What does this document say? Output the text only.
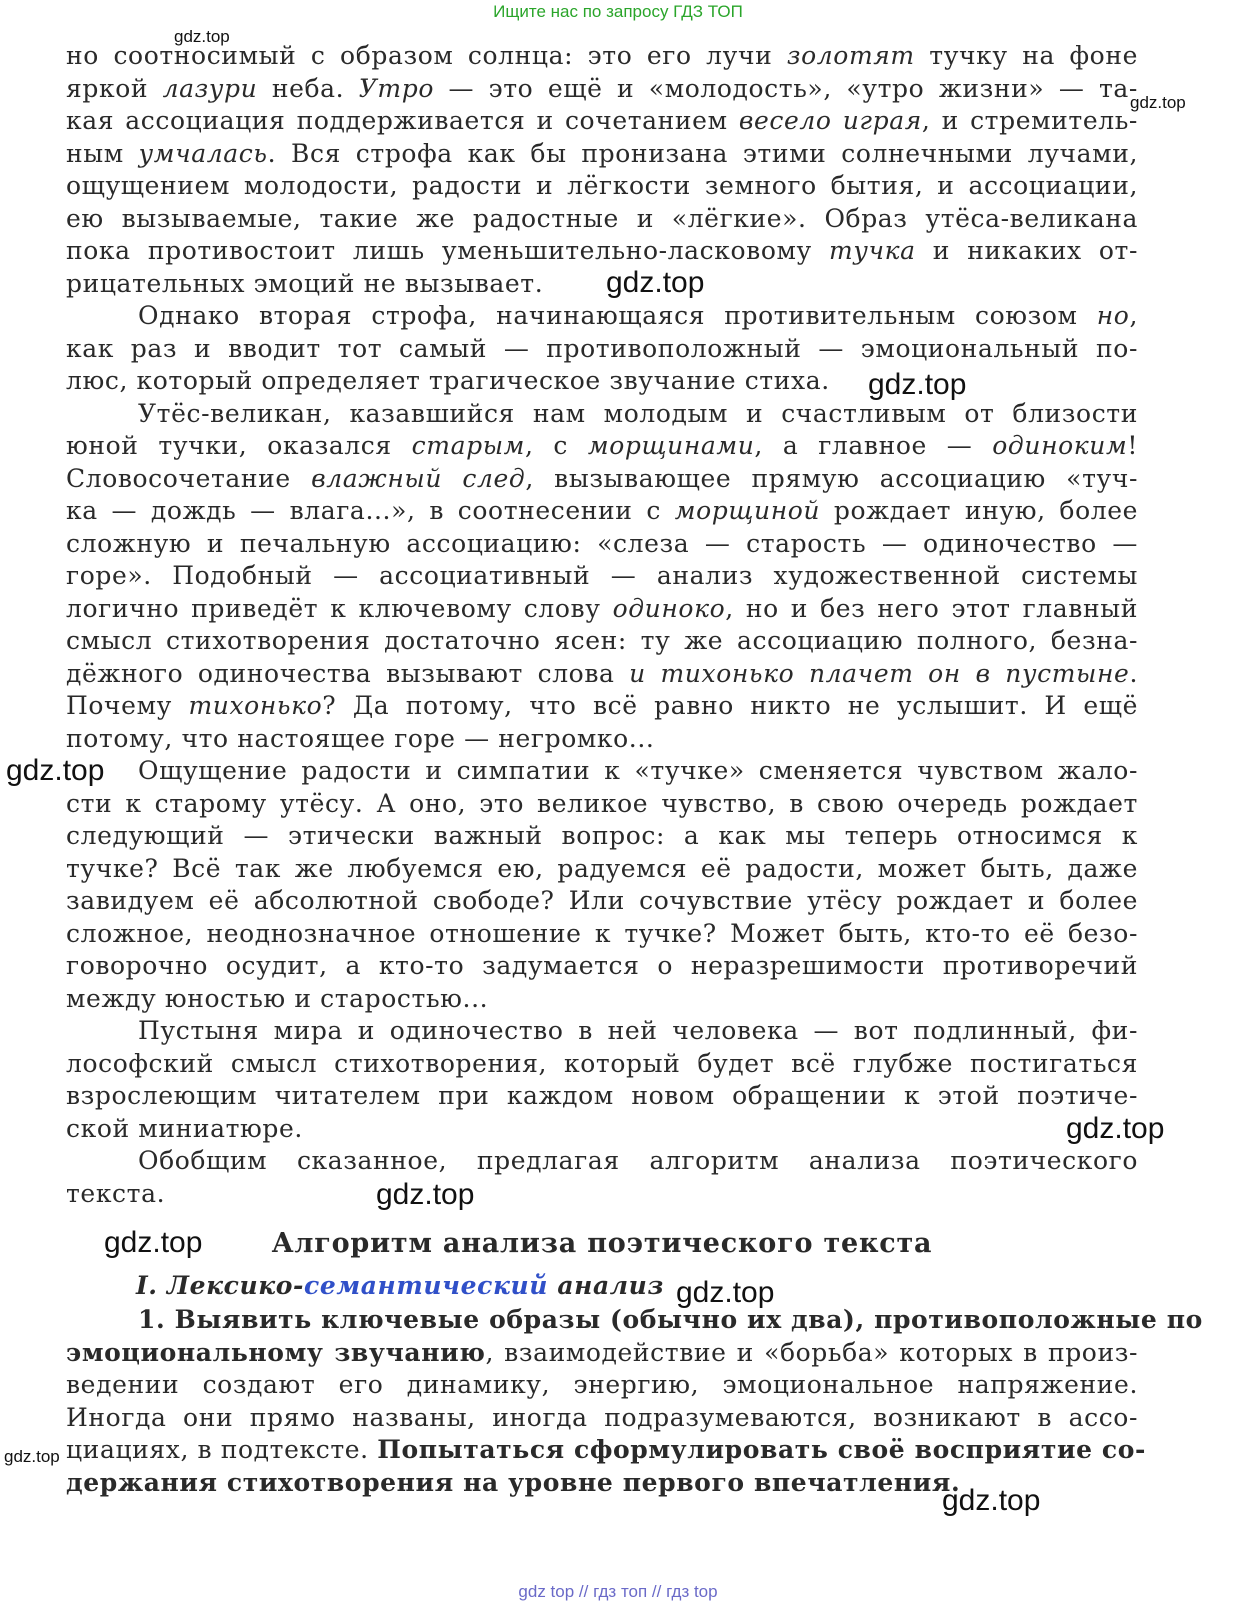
Ищите нас по запросу ГДЗ ТОП
но соотносимый с образом солнца: это его лучи золотят тучку на фоне
яркой лазури неба. Утро — это ещё и «молодость», «утро жизни» — та-
кая ассоциация поддерживается и сочетанием весело играя, и стремитель-
ным умчалась. Вся строфа как бы пронизана этими солнечными лучами,
ощущением молодости, радости и лёгкости земного бытия, и ассоциации,
ею вызываемые, такие же радостные и «лёгкие». Образ утёса-великана
пока противостоит лишь уменьшительно-ласковому тучка и никаких от-
рицательных эмоций не вызывает.
Однако вторая строфа, начинающаяся противительным союзом но,
как раз и вводит тот самый — противоположный — эмоциональный по-
люс, который определяет трагическое звучание стиха.
Утёс-великан, казавшийся нам молодым и счастливым от близости
юной тучки, оказался старым, с морщинами, а главное — одиноким!
Словосочетание влажный след, вызывающее прямую ассоциацию «туч-
ка — дождь — влага...», в соотнесении с морщиной рождает иную, более
сложную и печальную ассоциацию: «слеза — старость — одиночество —
горе». Подобный — ассоциативный — анализ художественной системы
логично приведёт к ключевому слову одиноко, но и без него этот главный
смысл стихотворения достаточно ясен: ту же ассоциацию полного, безна-
дёжного одиночества вызывают слова и тихонько плачет он в пустыне.
Почему тихонько? Да потому, что всё равно никто не услышит. И ещё
потому, что настоящее горе — негромко...
Ощущение радости и симпатии к «тучке» сменяется чувством жало-
сти к старому утёсу. А оно, это великое чувство, в свою очередь рождает
следующий — этически важный вопрос: а как мы теперь относимся к
тучке? Всё так же любуемся ею, радуемся её радости, может быть, даже
завидуем её абсолютной свободе? Или сочувствие утёсу рождает и более
сложное, неоднозначное отношение к тучке? Может быть, кто-то её безо-
говорочно осудит, а кто-то задумается о неразрешимости противоречий
между юностью и старостью...
Пустыня мира и одиночество в ней человека — вот подлинный, фи-
лософский смысл стихотворения, который будет всё глубже постигаться
взрослеющим читателем при каждом новом обращении к этой поэтиче-
ской миниатюре.
Обобщим сказанное, предлагая алгоритм анализа поэтического
текста.
Алгоритм анализа поэтического текста
I. Лексико-семантический анализ
1. Выявить ключевые образы (обычно их два), противоположные по
эмоциональному звучанию, взаимодействие и «борьба» которых в произ-
ведении создают его динамику, энергию, эмоциональное напряжение.
Иногда они прямо названы, иногда подразумеваются, возникают в ассо-
циациях, в подтексте. Попытаться сформулировать своё восприятие со-
держания стихотворения на уровне первого впечатления.
gdz.top
gdz.top
gdz.top
gdz.top
gdz.top
gdz.top
gdz.top
gdz.top
gdz.top
gdz.top
gdz.top
gdz top // гдз топ // гдз top
